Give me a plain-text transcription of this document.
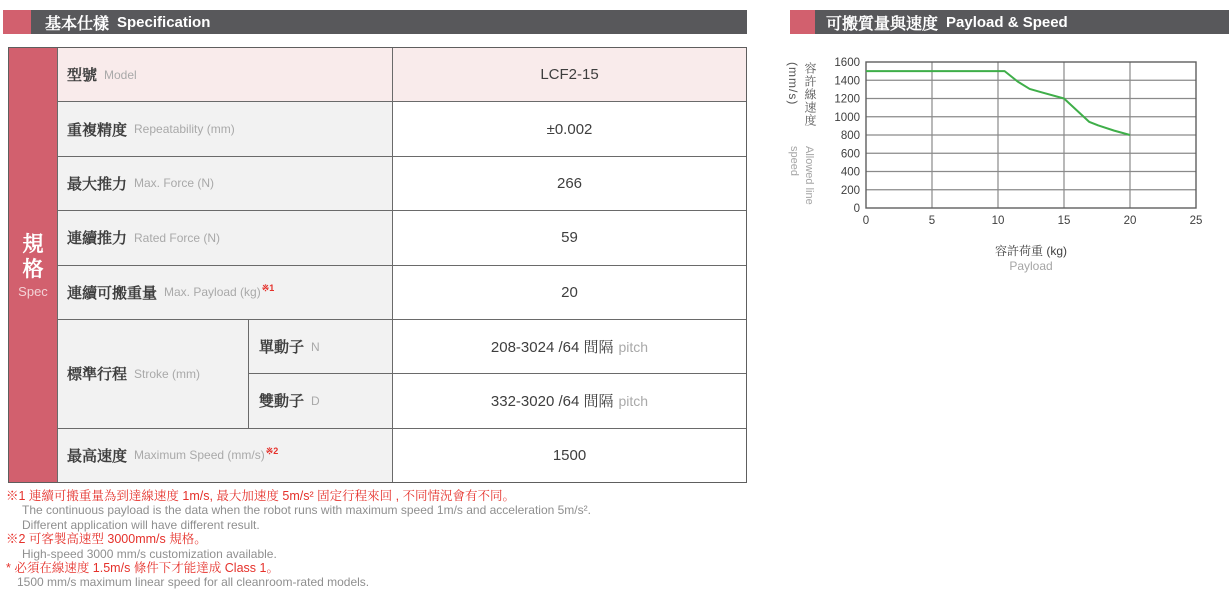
基本仕樣 Specification
規
格
Spec
型號 Model	LCF2-15
重複精度 Repeatability (mm)	±0.002
最大推力 Max. Force (N)	266
連續推力 Rated Force (N)	59
連續可搬重量 Max. Payload (kg)$^{※1}$	20
標準行程 Stroke (mm)
單動子 N	208-3024 /64 間隔 pitch
雙動子 D	332-3020 /64 間隔 pitch
最高速度 Maximum Speed $(mm/s)^{※2}$	1500
※1 連續可搬重量為到達線速度 1m/s, 最大加速度 5m/s² 固定行程來回 , 不同情況會有不同。
The continuous payload is the data when the robot runs with maximum speed 1m/s and acceleration 5m/s².
Different application will have different result.
※2 可客製高速型 3000mm/s 規格。
High-speed 3000 mm/s customization available.
* 必須在線速度 1.5m/s 條件下才能達成 Class 1。
1500 mm/s maximum linear speed for all cleanroom-rated models.
可搬質量與速度 Payload & Speed
容許線速度 (mm/s)
Allowed line speed
0
200
400
600
800
1000
1200
1400
1600
0	5	10	15	20	25
容許荷重 (kg)
Payload
